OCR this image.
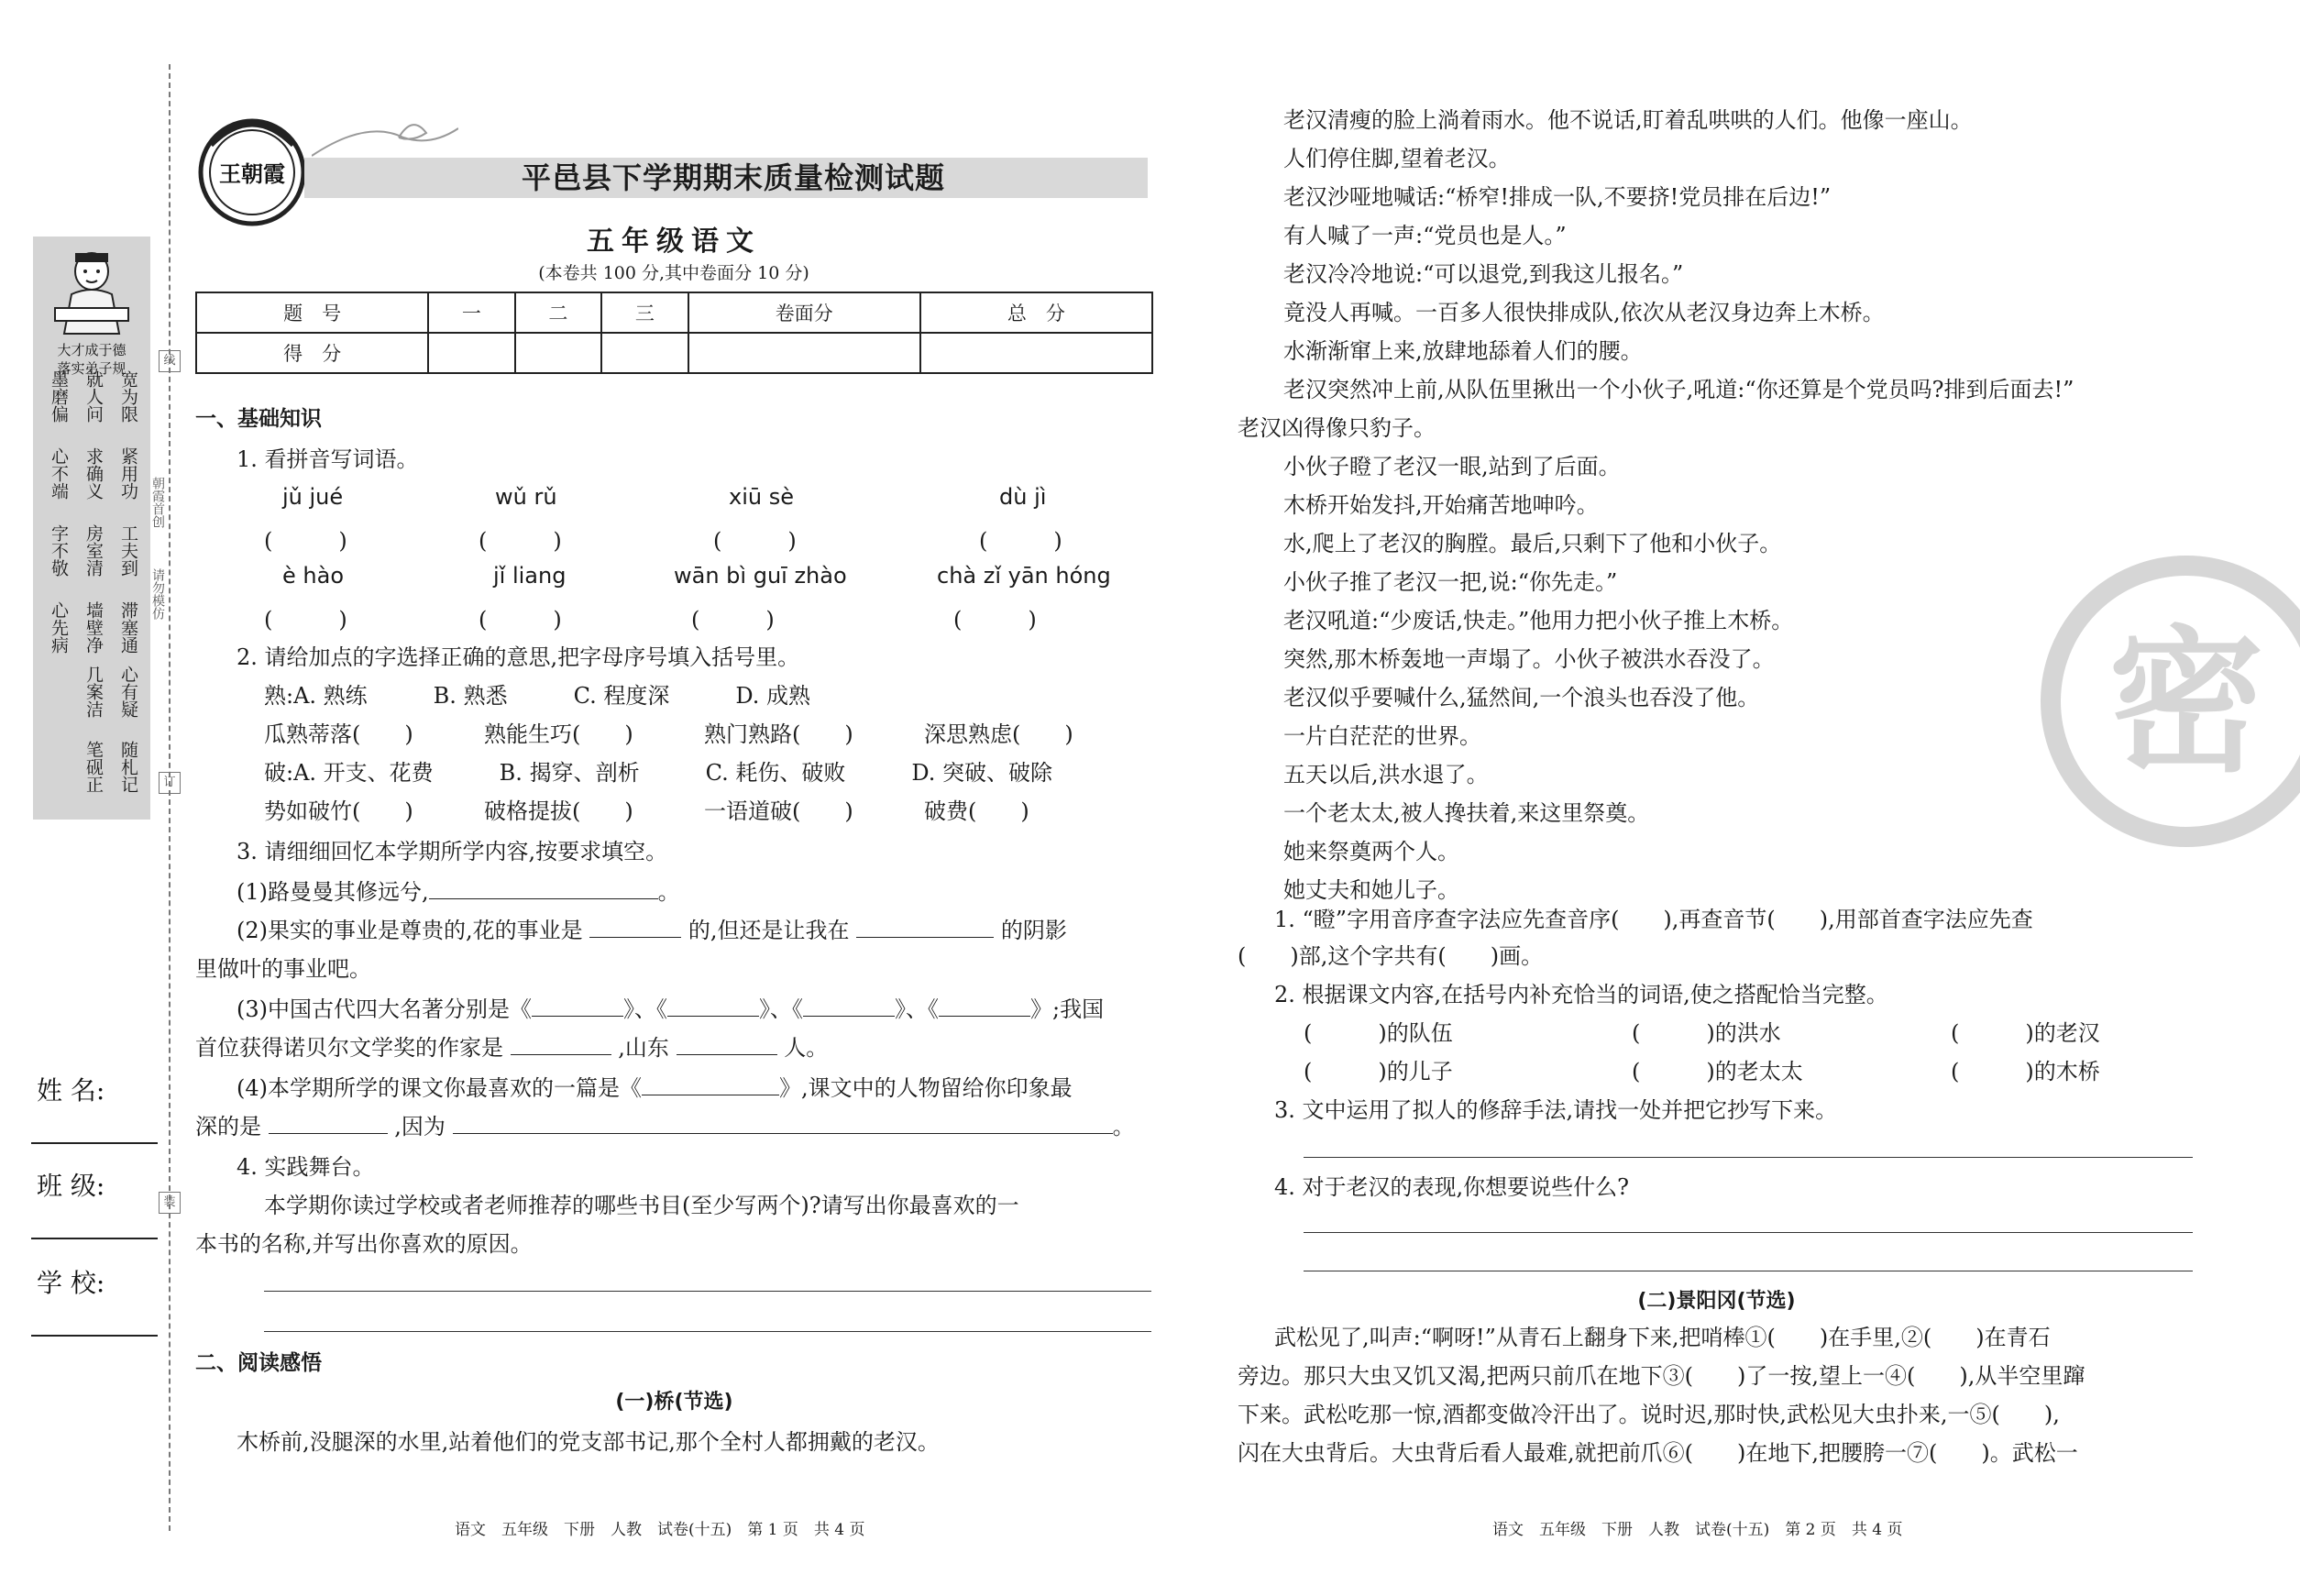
大才成于德
落实弟子规
宽为限
紧用功
工夫到
滞塞通
心有疑
随札记
墨磨偏
心不端
字不敬
心先病
就人问
求确义
房室清
墙壁净
几案洁
笔砚正
朝霞首创
请勿模仿
线
订
装
姓 名:
班 级:
学 校:
王朝霞	平邑县下学期期末质量检测试题
五年级语文
(本卷共 100 分,其中卷面分 10 分)
题　号	一	二	三	卷面分	总　分
得　分					
一、基础知识
1. 看拼音写词语。
jǔ jué	wǔ rǔ	xiū sè	dù jì
(　　　)	(　　　)	(　　　)	(　　　)
è hào	jǐ liang	wān bì guī zhào	chà zǐ yān hóng
(　　　)	(　　　)	(　　　)	(　　　)
2. 请给加点的字选择正确的意思,把字母序号填入括号里。
熟:A. 熟练　　　B. 熟悉　　　C. 程度深　　　D. 成熟
瓜熟蒂落(　　)	熟能生巧(　　)	熟门熟路(　　)	深思熟虑(　　)
破:A. 开支、花费　　　B. 揭穿、剖析　　　C. 耗伤、破败　　　D. 突破、破除
势如破竹(　　)	破格提拔(　　)	一语道破(　　)	破费(　　)
3. 请细细回忆本学期所学内容,按要求填空。
(1)路曼曼其修远兮,	。
(2)果实的事业是尊贵的,花的事业是	的,但还是让我在	的阴影
里做叶的事业吧。
(3)中国古代四大名著分别是《	》、《	》、《	》、《	》;我国
首位获得诺贝尔文学奖的作家是	,山东	人。
(4)本学期所学的课文你最喜欢的一篇是《	》,课文中的人物留给你印象最
深的是	,因为	。
4. 实践舞台。
本学期你读过学校或者老师推荐的哪些书目(至少写两个)?请写出你最喜欢的一
本书的名称,并写出你喜欢的原因。
二、阅读感悟
(一)桥(节选)
木桥前,没腿深的水里,站着他们的党支部书记,那个全村人都拥戴的老汉。
语文　五年级　下册　人教　试卷(十五)　第 1 页　共 4 页
老汉清瘦的脸上淌着雨水。他不说话,盯着乱哄哄的人们。他像一座山。
人们停住脚,望着老汉。
老汉沙哑地喊话:“桥窄!排成一队,不要挤!党员排在后边!”
有人喊了一声:“党员也是人。”
老汉冷冷地说:“可以退党,到我这儿报名。”
竟没人再喊。一百多人很快排成队,依次从老汉身边奔上木桥。
水渐渐窜上来,放肆地舔着人们的腰。
老汉突然冲上前,从队伍里揪出一个小伙子,吼道:“你还算是个党员吗?排到后面去!”
老汉凶得像只豹子。
小伙子瞪了老汉一眼,站到了后面。
木桥开始发抖,开始痛苦地呻吟。
水,爬上了老汉的胸膛。最后,只剩下了他和小伙子。
小伙子推了老汉一把,说:“你先走。”
老汉吼道:“少废话,快走。”他用力把小伙子推上木桥。
突然,那木桥轰地一声塌了。小伙子被洪水吞没了。
老汉似乎要喊什么,猛然间,一个浪头也吞没了他。
一片白茫茫的世界。
五天以后,洪水退了。
一个老太太,被人搀扶着,来这里祭奠。
她来祭奠两个人。
她丈夫和她儿子。
1. “瞪”字用音序查字法应先查音序(　　),再查音节(　　),用部首查字法应先查
(　　)部,这个字共有(　　)画。
2. 根据课文内容,在括号内补充恰当的词语,使之搭配恰当完整。
(　　　)的队伍	(　　　)的洪水	(　　　)的老汉
(　　　)的儿子	(　　　)的老太太	(　　　)的木桥
3. 文中运用了拟人的修辞手法,请找一处并把它抄写下来。
4. 对于老汉的表现,你想要说些什么?
(二)景阳冈(节选)
武松见了,叫声:“啊呀!”从青石上翻身下来,把哨棒①(　　)在手里,②(　　)在青石
旁边。那只大虫又饥又渴,把两只前爪在地下③(　　)了一按,望上一④(　　),从半空里蹿
下来。武松吃那一惊,酒都变做冷汗出了。说时迟,那时快,武松见大虫扑来,一⑤(　　),
闪在大虫背后。大虫背后看人最难,就把前爪⑥(　　)在地下,把腰胯一⑦(　　)。武松一
语文　五年级　下册　人教　试卷(十五)　第 2 页　共 4 页
密
